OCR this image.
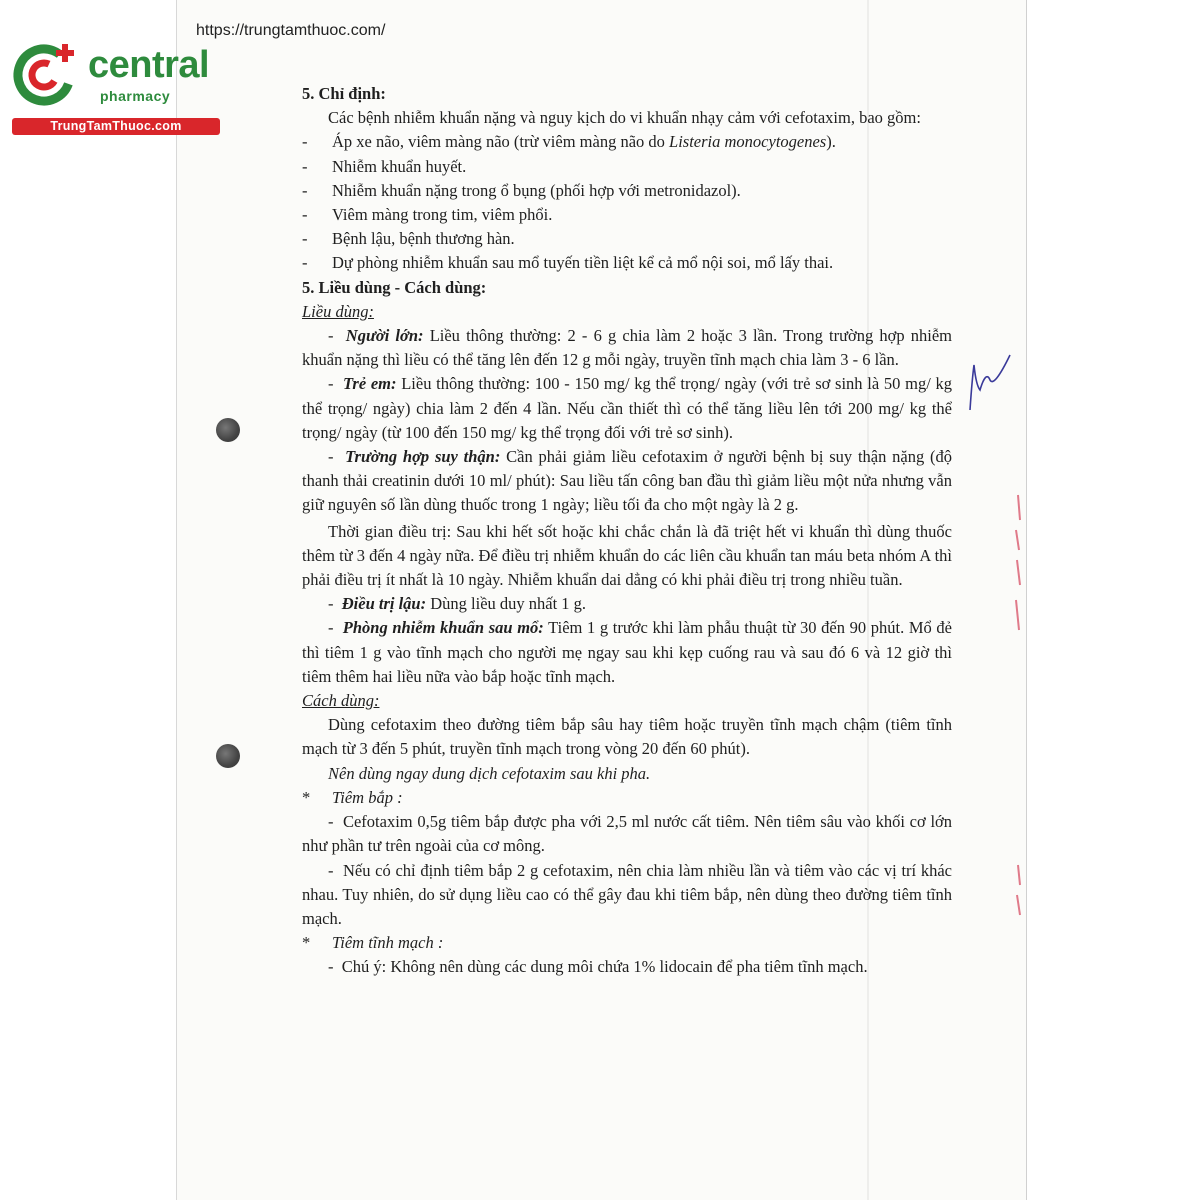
https://trungtamthuoc.com/
central
pharmacy
TrungTamThuoc.com

5. Chỉ định:

Các bệnh nhiễm khuẩn nặng và nguy kịch do vi khuẩn nhạy cảm với cefotaxim, bao gồm:

-	Áp xe não, viêm màng não (trừ viêm màng não do Listeria monocytogenes).
-	Nhiễm khuẩn huyết.
-	Nhiễm khuẩn nặng trong ổ bụng (phối hợp với metronidazol).
-	Viêm màng trong tim, viêm phổi.
-	Bệnh lậu, bệnh thương hàn.
-	Dự phòng nhiễm khuẩn sau mổ tuyến tiền liệt kể cả mổ nội soi, mổ lấy thai.

5. Liều dùng - Cách dùng:

Liều dùng:

-  Người lớn: Liều thông thường: 2 - 6 g chia làm 2 hoặc 3 lần. Trong trường hợp nhiễm khuẩn nặng thì liều có thể tăng lên đến 12 g mỗi ngày, truyền tĩnh mạch chia làm 3 - 6 lần.

-  Trẻ em: Liều thông thường: 100 - 150 mg/ kg thể trọng/ ngày (với trẻ sơ sinh là 50 mg/ kg thể trọng/ ngày) chia làm 2 đến 4 lần. Nếu cần thiết thì có thể tăng liều lên tới 200 mg/ kg thể trọng/ ngày (từ 100 đến 150 mg/ kg thể trọng đối với trẻ sơ sinh).

-  Trường hợp suy thận: Cần phải giảm liều cefotaxim ở người bệnh bị suy thận nặng (độ thanh thải creatinin dưới 10 ml/ phút): Sau liều tấn công ban đầu thì giảm liều một nửa nhưng vẫn giữ nguyên số lần dùng thuốc trong 1 ngày; liều tối đa cho một ngày là 2 g.

Thời gian điều trị: Sau khi hết sốt hoặc khi chắc chắn là đã triệt hết vi khuẩn thì dùng thuốc thêm từ 3 đến 4 ngày nữa. Để điều trị nhiễm khuẩn do các liên cầu khuẩn tan máu beta nhóm A thì phải điều trị ít nhất là 10 ngày. Nhiễm khuẩn dai dẳng có khi phải điều trị trong nhiều tuần.

-  Điều trị lậu: Dùng liều duy nhất 1 g.

-  Phòng nhiễm khuẩn sau mổ: Tiêm 1 g trước khi làm phẫu thuật từ 30 đến 90 phút. Mổ đẻ thì tiêm 1 g vào tĩnh mạch cho người mẹ ngay sau khi kẹp cuống rau và sau đó 6 và 12 giờ thì tiêm thêm hai liều nữa vào bắp hoặc tĩnh mạch.

Cách dùng:

Dùng cefotaxim theo đường tiêm bắp sâu hay tiêm hoặc truyền tĩnh mạch chậm (tiêm tĩnh mạch từ 3 đến 5 phút, truyền tĩnh mạch trong vòng 20 đến 60 phút).

Nên dùng ngay dung dịch cefotaxim sau khi pha.

*	Tiêm bắp :

-  Cefotaxim 0,5g tiêm bắp được pha với 2,5 ml nước cất tiêm. Nên tiêm sâu vào khối cơ lớn như phần tư trên ngoài của cơ mông.

-  Nếu có chỉ định tiêm bắp 2 g cefotaxim, nên chia làm nhiều lần và tiêm vào các vị trí khác nhau. Tuy nhiên, do sử dụng liều cao có thể gây đau khi tiêm bắp, nên dùng theo đường tiêm tĩnh mạch.

*	Tiêm tĩnh mạch :

-  Chú ý: Không nên dùng các dung môi chứa 1% lidocain để pha tiêm tĩnh mạch.
